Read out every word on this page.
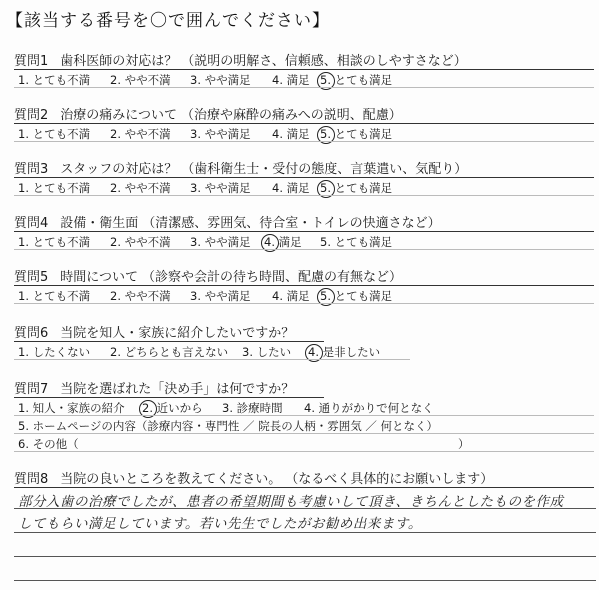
【該当する番号を〇で囲んでください】
質問1 歯科医師の対応は？ （説明の明解さ、信頼感、相談のしやすさなど）
1. とても不満 2. やや不満 3. やや満足 4. 満足 5. とても満足
質問2 治療の痛みについて （治療や麻酔の痛みへの説明、配慮）
1. とても不満 2. やや不満 3. やや満足 4. 満足 5. とても満足
質問3 スタッフの対応は？ （歯科衛生士・受付の態度、言葉遣い、気配り）
1. とても不満 2. やや不満 3. やや満足 4. 満足 5. とても満足
質問4 設備・衛生面 （清潔感、雰囲気、待合室・トイレの快適さなど）
1. とても不満 2. やや不満 3. やや満足 4. 満足 5. とても満足
質問5 時間について （診察や会計の待ち時間、配慮の有無など）
1. とても不満 2. やや不満 3. やや満足 4. 満足 5. とても満足
質問6 当院を知人・家族に紹介したいですか？
1. したくない 2. どちらとも言えない 3. したい 4. 是非したい
質問7 当院を選ばれた「決め手」は何ですか？
1. 知人・家族の紹介 2. 近いから 3. 診療時間 4. 通りがかりで何となく
5. ホームページの内容（診療内容・専門性 ／ 院長の人柄・雰囲気 ／ 何となく）
6. その他（	）
質問8 当院の良いところを教えてください。 （なるべく具体的にお願いします）
部分入歯の治療でしたが、患者の希望期間も考慮いして頂き、きちんとしたものを作成
してもらい満足しています。若い先生でしたがお勧め出来ます。
